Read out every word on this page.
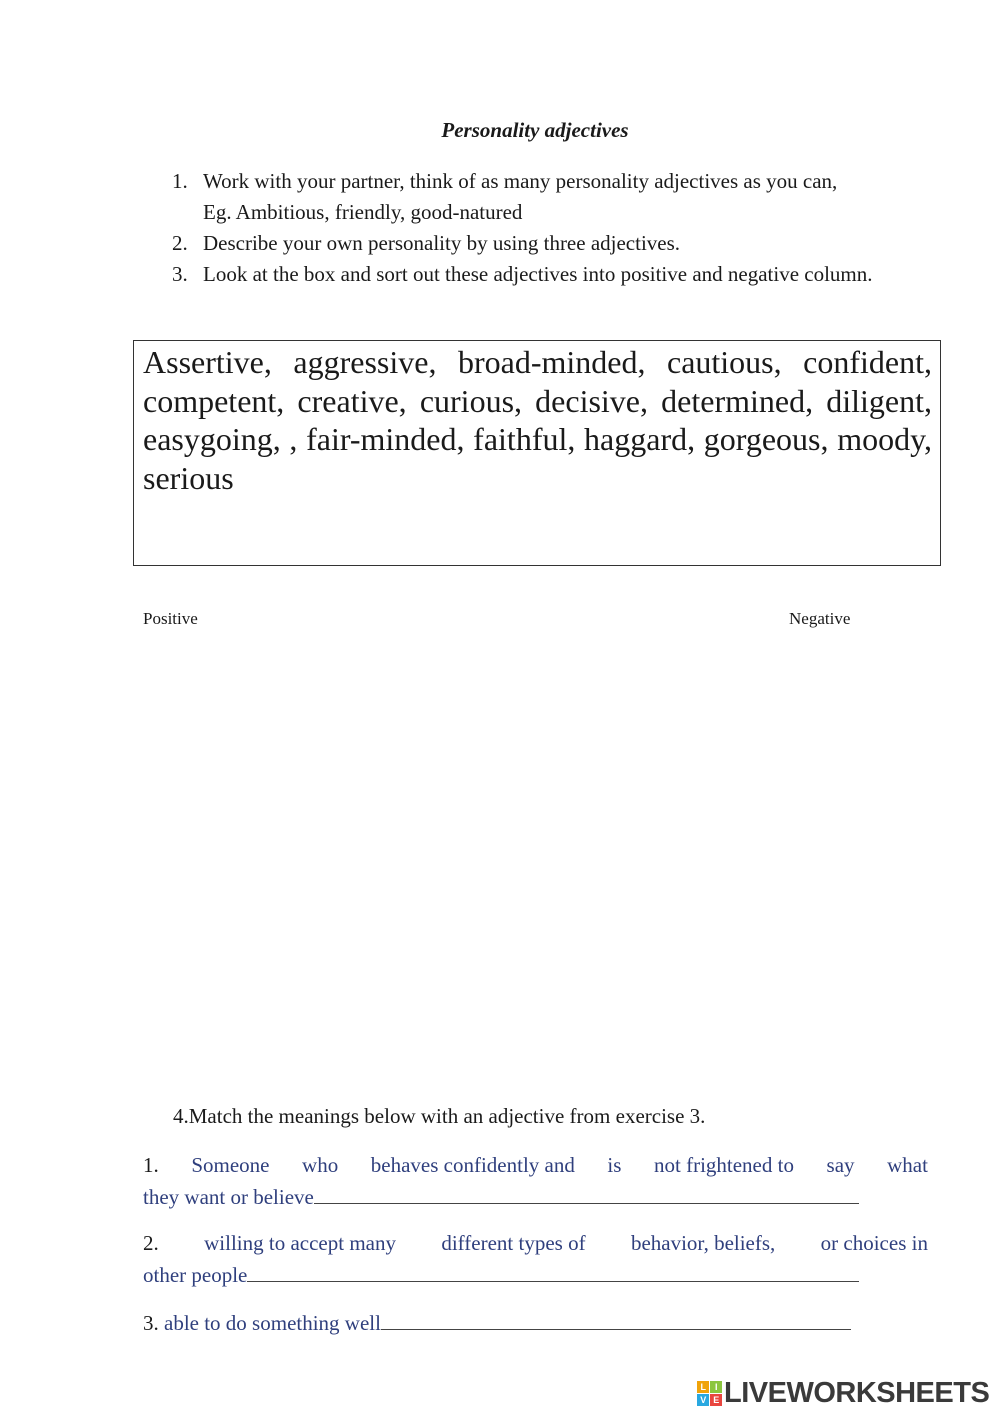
Personality adjectives
1. Work with your partner, think of as many personality adjectives as you can,
Eg. Ambitious, friendly, good-natured
2. Describe your own personality by using three adjectives.
3. Look at the box and sort out these adjectives into positive and negative column.
Assertive, aggressive, broad-minded, cautious, confident, competent, creative, curious, decisive, determined, diligent, easygoing, , fair-minded, faithful, haggard, gorgeous, moody, serious
Positive	Negative

4.Match the meanings below with an adjective from exercise 3.

1. Someone who behaves confidently and is not frightened to say what
they want or believe
2. willing to accept many different types of behavior, beliefs, or choices in
other people
3. able to do something well
L	I
V E LIVEWORKSHEETS
